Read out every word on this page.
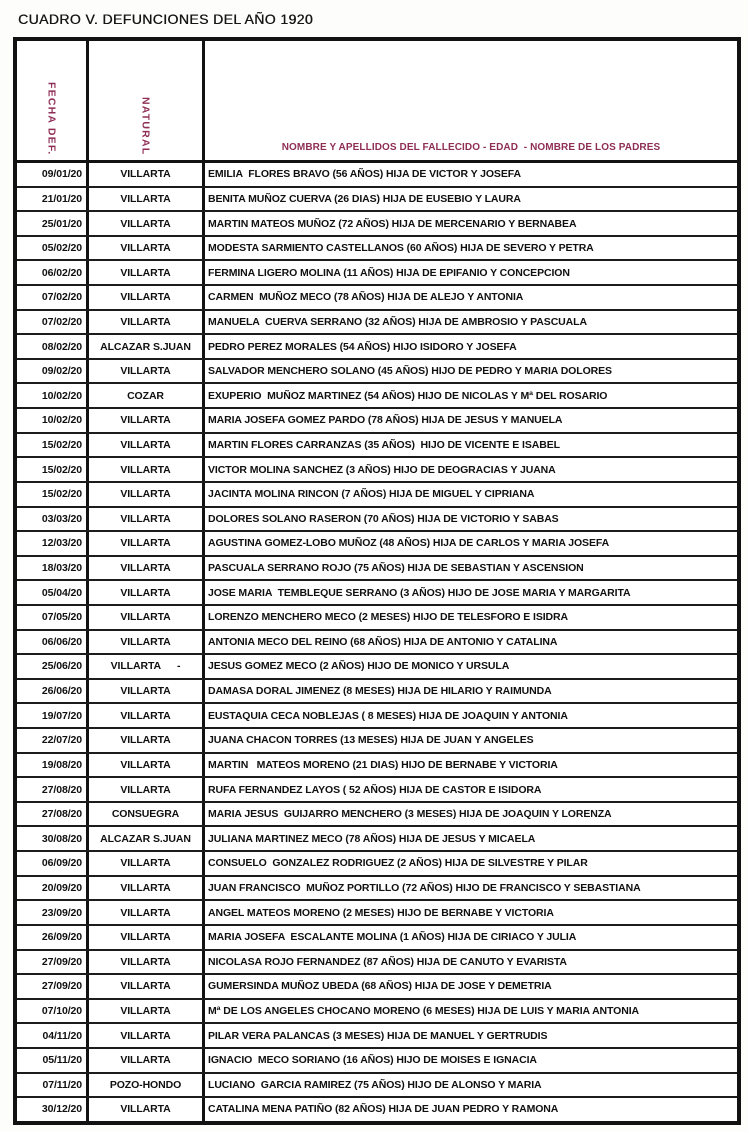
CUADRO V. DEFUNCIONES DEL AÑO 1920
FECHA DEF.	NATURAL	NOMBRE Y APELLIDOS DEL FALLECIDO - EDAD  - NOMBRE DE LOS PADRES
09/01/20	VILLARTA	EMILIA  FLORES BRAVO (56 AÑOS) HIJA DE VICTOR Y JOSEFA
21/01/20	VILLARTA	BENITA MUÑOZ CUERVA (26 DIAS) HIJA DE EUSEBIO Y LAURA
25/01/20	VILLARTA	MARTIN MATEOS MUÑOZ (72 AÑOS) HIJA DE MERCENARIO Y BERNABEA
05/02/20	VILLARTA	MODESTA SARMIENTO CASTELLANOS (60 AÑOS) HIJA DE SEVERO Y PETRA
06/02/20	VILLARTA	FERMINA LIGERO MOLINA (11 AÑOS) HIJA DE EPIFANIO Y CONCEPCION
07/02/20	VILLARTA	CARMEN  MUÑOZ MECO (78 AÑOS) HIJA DE ALEJO Y ANTONIA
07/02/20	VILLARTA	MANUELA  CUERVA SERRANO (32 AÑOS) HIJA DE AMBROSIO Y PASCUALA
08/02/20	ALCAZAR S.JUAN	PEDRO PEREZ MORALES (54 AÑOS) HIJO ISIDORO Y JOSEFA
09/02/20	VILLARTA	SALVADOR MENCHERO SOLANO (45 AÑOS) HIJO DE PEDRO Y MARIA DOLORES
10/02/20	COZAR	EXUPERIO  MUÑOZ MARTINEZ (54 AÑOS) HIJO DE NICOLAS Y Mª DEL ROSARIO
10/02/20	VILLARTA	MARIA JOSEFA GOMEZ PARDO (78 AÑOS) HIJA DE JESUS Y MANUELA
15/02/20	VILLARTA	MARTIN FLORES CARRANZAS (35 AÑOS)  HIJO DE VICENTE E ISABEL
15/02/20	VILLARTA	VICTOR MOLINA SANCHEZ (3 AÑOS) HIJO DE DEOGRACIAS Y JUANA
15/02/20	VILLARTA	JACINTA MOLINA RINCON (7 AÑOS) HIJA DE MIGUEL Y CIPRIANA
03/03/20	VILLARTA	DOLORES SOLANO RASERON (70 AÑOS) HIJA DE VICTORIO Y SABAS
12/03/20	VILLARTA	AGUSTINA GOMEZ-LOBO MUÑOZ (48 AÑOS) HIJA DE CARLOS Y MARIA JOSEFA
18/03/20	VILLARTA	PASCUALA SERRANO ROJO (75 AÑOS) HIJA DE SEBASTIAN Y ASCENSION
05/04/20	VILLARTA	JOSE MARIA  TEMBLEQUE SERRANO (3 AÑOS) HIJO DE JOSE MARIA Y MARGARITA
07/05/20	VILLARTA	LORENZO MENCHERO MECO (2 MESES) HIJO DE TELESFORO E ISIDRA
06/06/20	VILLARTA	ANTONIA MECO DEL REINO (68 AÑOS) HIJA DE ANTONIO Y CATALINA
25/06/20	VILLARTA -	JESUS GOMEZ MECO (2 AÑOS) HIJO DE MONICO Y URSULA
26/06/20	VILLARTA	DAMASA DORAL JIMENEZ (8 MESES) HIJA DE HILARIO Y RAIMUNDA
19/07/20	VILLARTA	EUSTAQUIA CECA NOBLEJAS ( 8 MESES) HIJA DE JOAQUIN Y ANTONIA
22/07/20	VILLARTA	JUANA CHACON TORRES (13 MESES) HIJA DE JUAN Y ANGELES
19/08/20	VILLARTA	MARTIN   MATEOS MORENO (21 DIAS) HIJO DE BERNABE Y VICTORIA
27/08/20	VILLARTA	RUFA FERNANDEZ LAYOS ( 52 AÑOS) HIJA DE CASTOR E ISIDORA
27/08/20	CONSUEGRA	MARIA JESUS  GUIJARRO MENCHERO (3 MESES) HIJA DE JOAQUIN Y LORENZA
30/08/20	ALCAZAR S.JUAN	JULIANA MARTINEZ MECO (78 AÑOS) HIJA DE JESUS Y MICAELA
06/09/20	VILLARTA	CONSUELO  GONZALEZ RODRIGUEZ (2 AÑOS) HIJA DE SILVESTRE Y PILAR
20/09/20	VILLARTA	JUAN FRANCISCO  MUÑOZ PORTILLO (72 AÑOS) HIJO DE FRANCISCO Y SEBASTIANA
23/09/20	VILLARTA	ANGEL MATEOS MORENO (2 MESES) HIJO DE BERNABE Y VICTORIA
26/09/20	VILLARTA	MARIA JOSEFA  ESCALANTE MOLINA (1 AÑOS) HIJA DE CIRIACO Y JULIA
27/09/20	VILLARTA	NICOLASA ROJO FERNANDEZ (87 AÑOS) HIJA DE CANUTO Y EVARISTA
27/09/20	VILLARTA	GUMERSINDA MUÑOZ UBEDA (68 AÑOS) HIJA DE JOSE Y DEMETRIA
07/10/20	VILLARTA	Mª DE LOS ANGELES CHOCANO MORENO (6 MESES) HIJA DE LUIS Y MARIA ANTONIA
04/11/20	VILLARTA	PILAR VERA PALANCAS (3 MESES) HIJA DE MANUEL Y GERTRUDIS
05/11/20	VILLARTA	IGNACIO  MECO SORIANO (16 AÑOS) HIJO DE MOISES E IGNACIA
07/11/20	POZO-HONDO	LUCIANO  GARCIA RAMIREZ (75 AÑOS) HIJO DE ALONSO Y MARIA
30/12/20	VILLARTA	CATALINA MENA PATIÑO (82 AÑOS) HIJA DE JUAN PEDRO Y RAMONA
